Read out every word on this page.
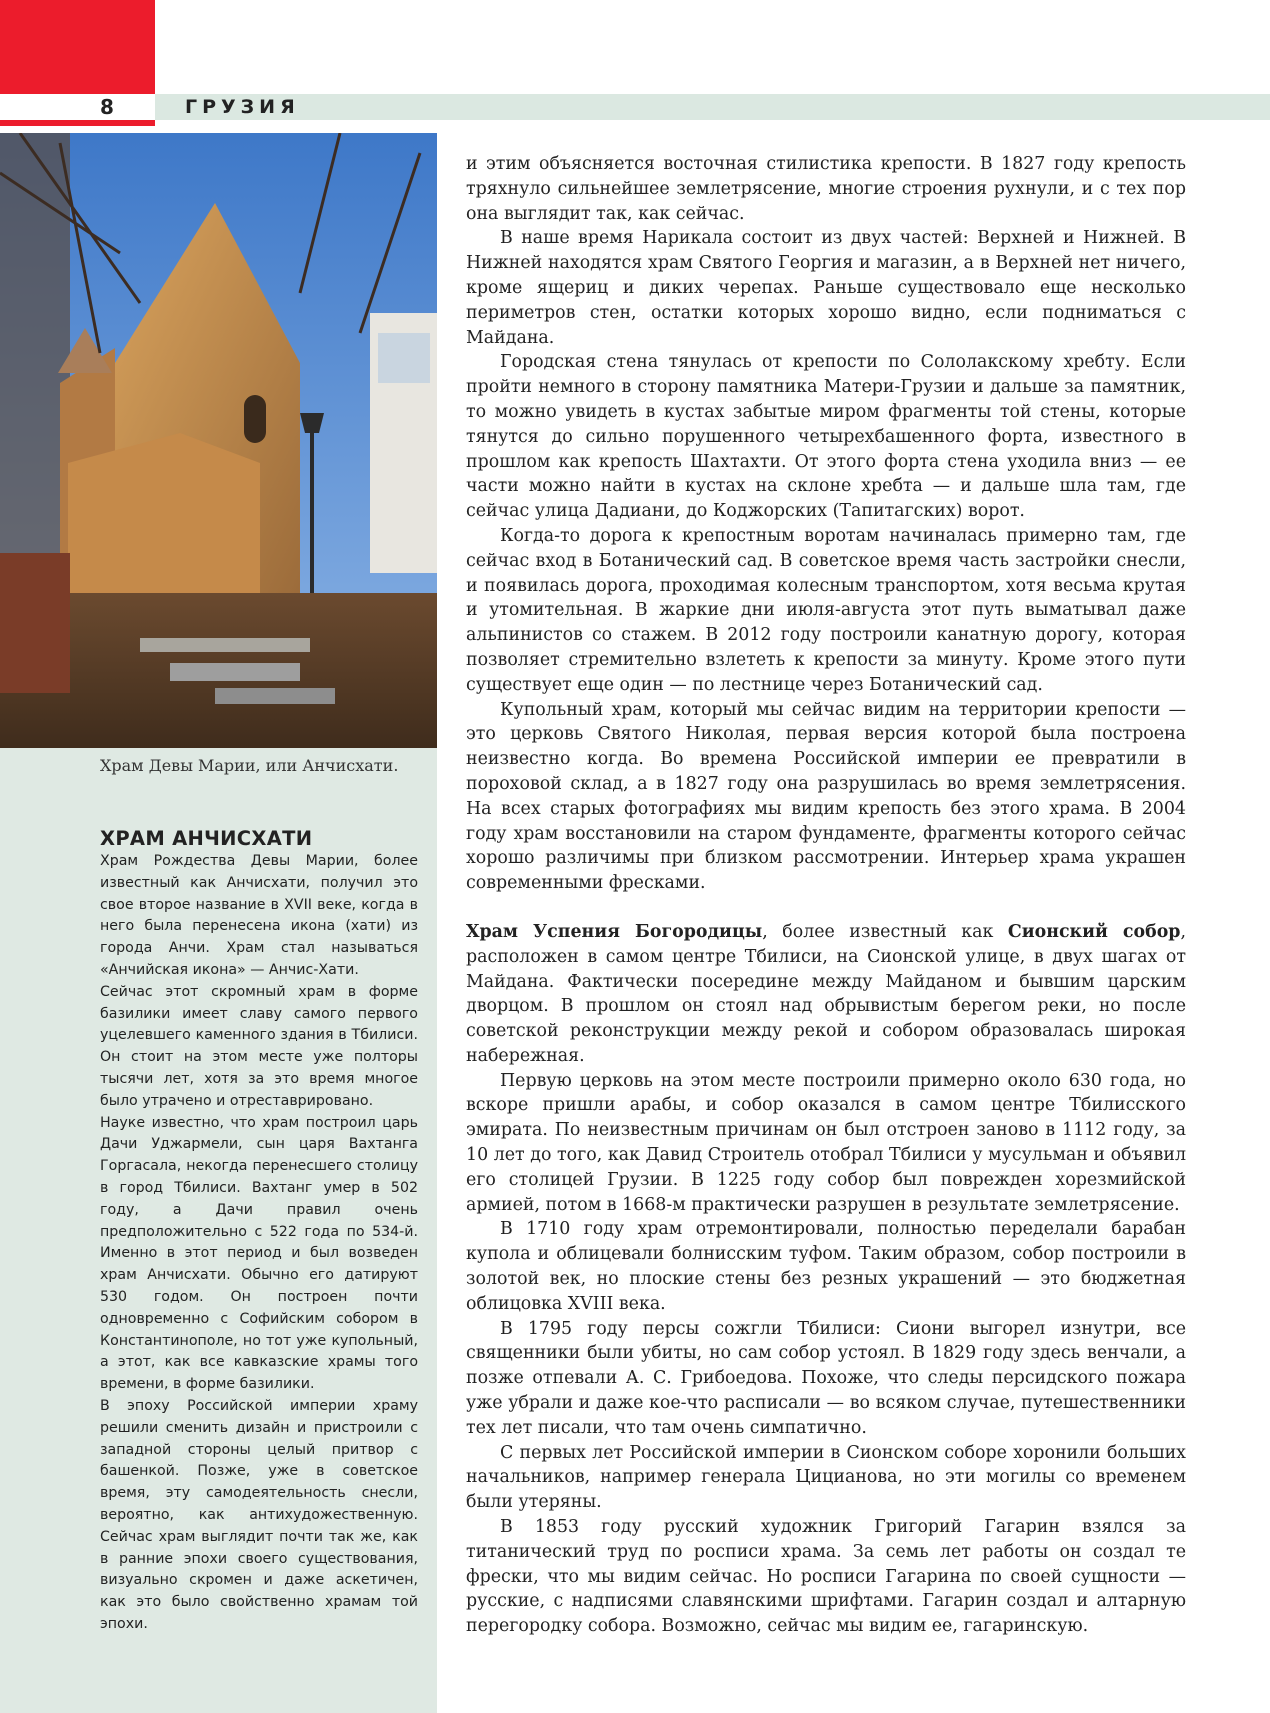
8	ГРУЗИЯ
Храм Девы Марии, или Анчисхати.
ХРАМ АНЧИСХАТИ

Храм Рождества Девы Марии, более известный как Анчисхати, получил это свое второе название в XVII веке, когда в него была перенесена икона (хати) из города Анчи. Храм стал называться «Анчийская икона» — Анчис-Хати.

Сейчас этот скромный храм в форме базилики имеет славу самого первого уцелевшего каменного здания в Тбилиси. Он стоит на этом месте уже полторы тысячи лет, хотя за это время многое было утрачено и отреставрировано.

Науке известно, что храм построил царь Дачи Уджармели, сын царя Вахтанга Горгасала, некогда перенесшего столицу в город Тбилиси. Вахтанг умер в 502 году, а Дачи правил очень предположительно с 522 года по 534-й. Именно в этот период и был возведен храм Анчисхати. Обычно его датируют 530 годом. Он построен почти одновременно с Софийским собором в Константинополе, но тот уже купольный, а этот, как все кавказские храмы того времени, в форме базилики.

В эпоху Российской империи храму решили сменить дизайн и пристроили с западной стороны целый притвор с башенкой. Позже, уже в советское время, эту самодеятельность снесли, вероятно, как антихудожественную. Сейчас храм выглядит почти так же, как в ранние эпохи своего существования, визуально скромен и даже аскетичен, как это было свойственно храмам той эпохи.

и этим объясняется восточная стилистика крепости. В 1827 году крепость тряхнуло сильнейшее землетрясение, многие строения рухнули, и с тех пор она выглядит так, как сейчас.

В наше время Нарикала состоит из двух частей: Верхней и Нижней. В Нижней находятся храм Святого Георгия и магазин, а в Верхней нет ничего, кроме ящериц и диких черепах. Раньше существовало еще несколько периметров стен, остатки которых хорошо видно, если подниматься с Майдана.

Городская стена тянулась от крепости по Сололакскому хребту. Если пройти немного в сторону памятника Матери-Грузии и дальше за памятник, то можно увидеть в кустах забытые миром фрагменты той стены, которые тянутся до сильно порушенного четырехбашенного форта, известного в прошлом как крепость Шахтахти. От этого форта стена уходила вниз — ее части можно найти в кустах на склоне хребта — и дальше шла там, где сейчас улица Дадиани, до Коджорских (Тапитагских) ворот.

Когда-то дорога к крепостным воротам начиналась примерно там, где сейчас вход в Ботанический сад. В советское время часть застройки снесли, и появилась дорога, проходимая колесным транспортом, хотя весьма крутая и утомительная. В жаркие дни июля-августа этот путь выматывал даже альпинистов со стажем. В 2012 году построили канатную дорогу, которая позволяет стремительно взлететь к крепости за минуту. Кроме этого пути существует еще один — по лестнице через Ботанический сад.

Купольный храм, который мы сейчас видим на территории крепости — это церковь Святого Николая, первая версия которой была построена неизвестно когда. Во времена Российской империи ее превратили в пороховой склад, а в 1827 году она разрушилась во время землетрясения. На всех старых фотографиях мы видим крепость без этого храма. В 2004 году храм восстановили на старом фундаменте, фрагменты которого сейчас хорошо различимы при близком рассмотрении. Интерьер храма украшен современными фресками.

Храм Успения Богородицы, более известный как Сионский собор, расположен в самом центре Тбилиси, на Сионской улице, в двух шагах от Майдана. Фактически посередине между Майданом и бывшим царским дворцом. В прошлом он стоял над обрывистым берегом реки, но после советской реконструкции между рекой и собором образовалась широкая набережная.

Первую церковь на этом месте построили примерно около 630 года, но вскоре пришли арабы, и собор оказался в самом центре Тбилисского эмирата. По неизвестным причинам он был отстроен заново в 1112 году, за 10 лет до того, как Давид Строитель отобрал Тбилиси у мусульман и объявил его столицей Грузии. В 1225 году собор был поврежден хорезмийской армией, потом в 1668-м практически разрушен в результате землетрясение.

В 1710 году храм отремонтировали, полностью переделали барабан купола и облицевали болнисским туфом. Таким образом, собор построили в золотой век, но плоские стены без резных украшений — это бюджетная облицовка XVIII века.

В 1795 году персы сожгли Тбилиси: Сиони выгорел изнутри, все священники были убиты, но сам собор устоял. В 1829 году здесь венчали, а позже отпевали А. С. Грибоедова. Похоже, что следы персидского пожара уже убрали и даже кое-что расписали — во всяком случае, путешественники тех лет писали, что там очень симпатично.

С первых лет Российской империи в Сионском соборе хоронили больших начальников, например генерала Цицианова, но эти могилы со временем были утеряны.

В 1853 году русский художник Григорий Гагарин взялся за титанический труд по росписи храма. За семь лет работы он создал те фрески, что мы видим сейчас. Но росписи Гагарина по своей сущности — русские, с надписями славянскими шрифтами. Гагарин создал и алтарную перегородку собора. Возможно, сейчас мы видим ее, гагаринскую.
